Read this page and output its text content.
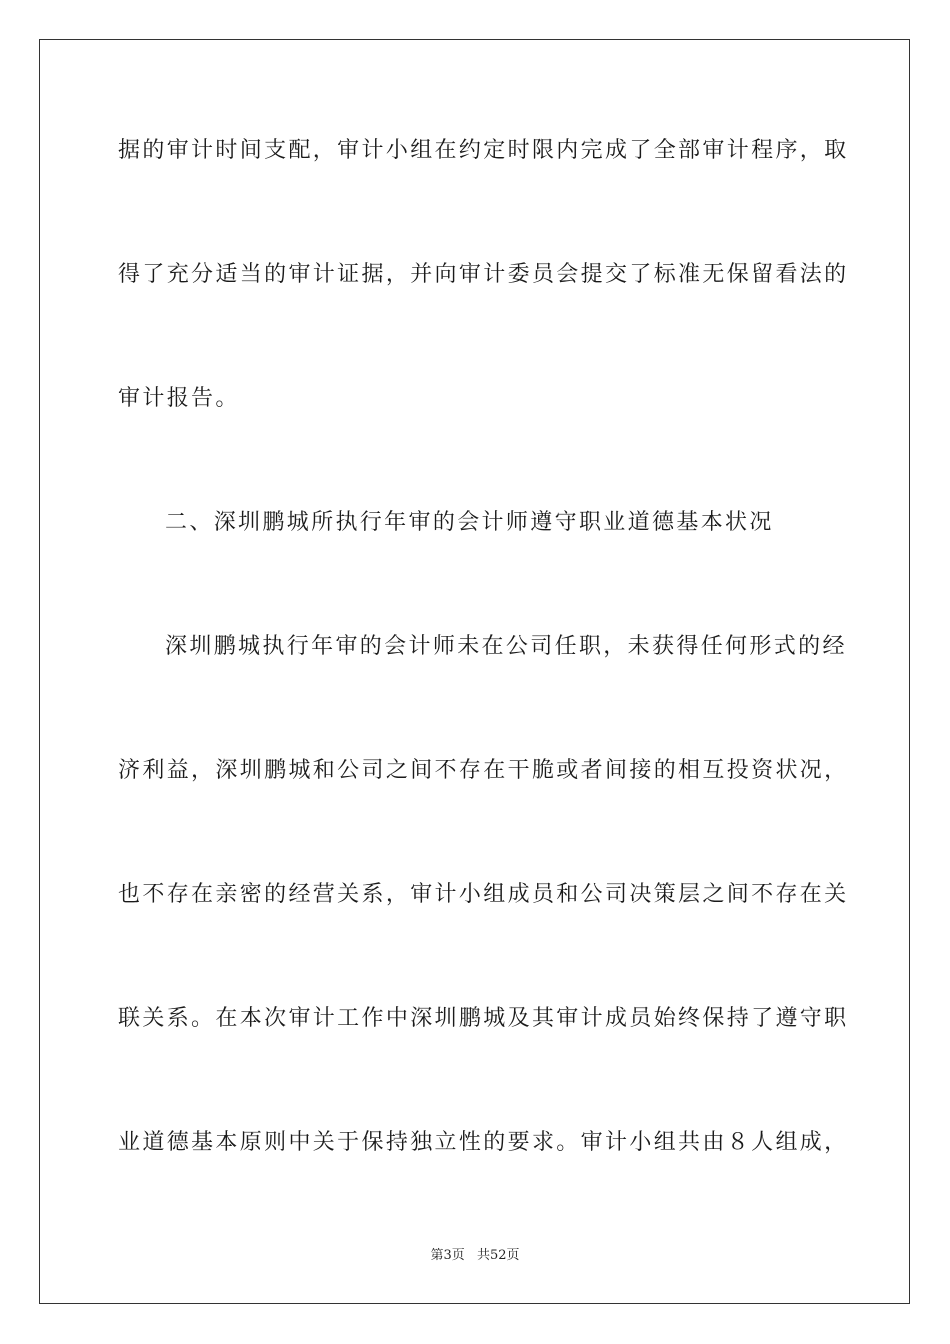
据的审计时间支配，审计小组在约定时限内完成了全部审计程序，取
得了充分适当的审计证据，并向审计委员会提交了标准无保留看法的
审计报告。
二、深圳鹏城所执行年审的会计师遵守职业道德基本状况
深圳鹏城执行年审的会计师未在公司任职，未获得任何形式的经
济利益，深圳鹏城和公司之间不存在干脆或者间接的相互投资状况，
也不存在亲密的经营关系，审计小组成员和公司决策层之间不存在关
联关系。在本次审计工作中深圳鹏城及其审计成员始终保持了遵守职
业道德基本原则中关于保持独立性的要求。审计小组共由８人组成，
第3页 共52页
